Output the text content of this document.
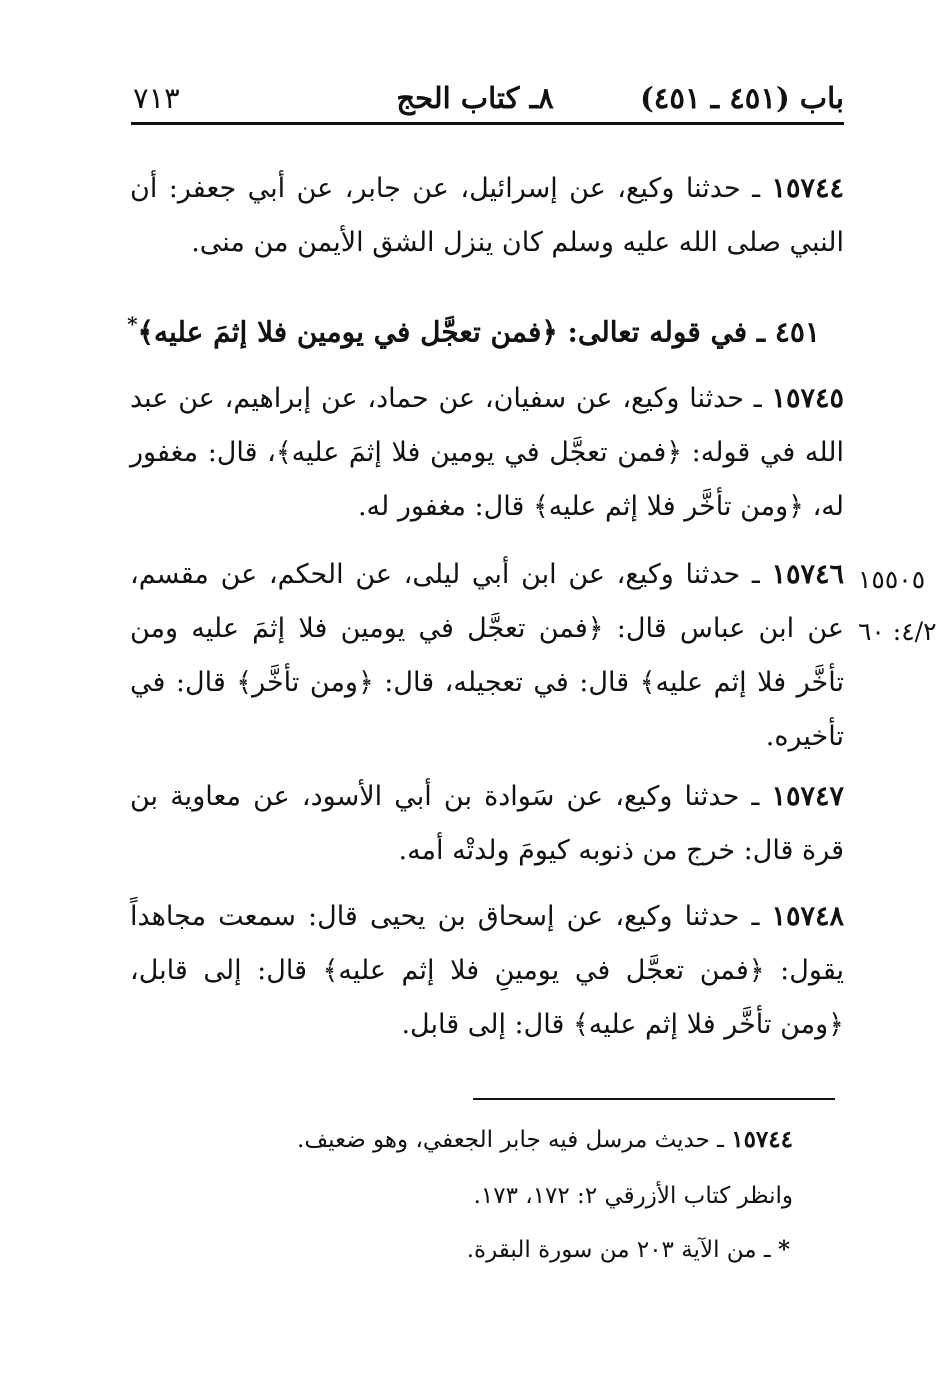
باب (٤٥١ ـ ٤٥١)
٨ـ كتاب الحج
٧١٣
١٥٧٤٤ ـ حدثنا وكيع، عن إسرائيل، عن جابر، عن أبي جعفر: أن النبي صلى الله عليه وسلم كان ينزل الشق الأيمن من منى.
٤٥١ ـ في قوله تعالى: ﴿فمن تعجَّل في يومين فلا إثمَ عليه﴾*
١٥٧٤٥ ـ حدثنا وكيع، عن سفيان، عن حماد، عن إبراهيم، عن عبد الله في قوله: ﴿فمن تعجَّل في يومين فلا إثمَ عليه﴾، قال: مغفور له، ﴿ومن تأخَّر فلا إثم عليه﴾ قال: مغفور له.
١٥٧٤٦ ـ حدثنا وكيع، عن ابن أبي ليلى، عن الحكم، عن مقسم، عن ابن عباس قال: ﴿فمن تعجَّل في يومين فلا إثمَ عليه ومن تأخَّر فلا إثم عليه﴾ قال: في تعجيله، قال: ﴿ومن تأخَّر﴾ قال: في تأخيره.
١٥٥٠٥
٤/٢: ٦٠
١٥٧٤٧ ـ حدثنا وكيع، عن سَوادة بن أبي الأسود، عن معاوية بن قرة قال: خرج من ذنوبه كيومَ ولدتْه أمه.
١٥٧٤٨ ـ حدثنا وكيع، عن إسحاق بن يحيى قال: سمعت مجاهداً يقول: ﴿فمن تعجَّل في يومينِ فلا إثم عليه﴾ قال: إلى قابل، ﴿ومن تأخَّر فلا إثم عليه﴾ قال: إلى قابل.
١٥٧٤٤ ـ حديث مرسل فيه جابر الجعفي، وهو ضعيف.
وانظر كتاب الأزرقي ٢: ١٧٢، ١٧٣.
* ـ من الآية ٢٠٣ من سورة البقرة.
